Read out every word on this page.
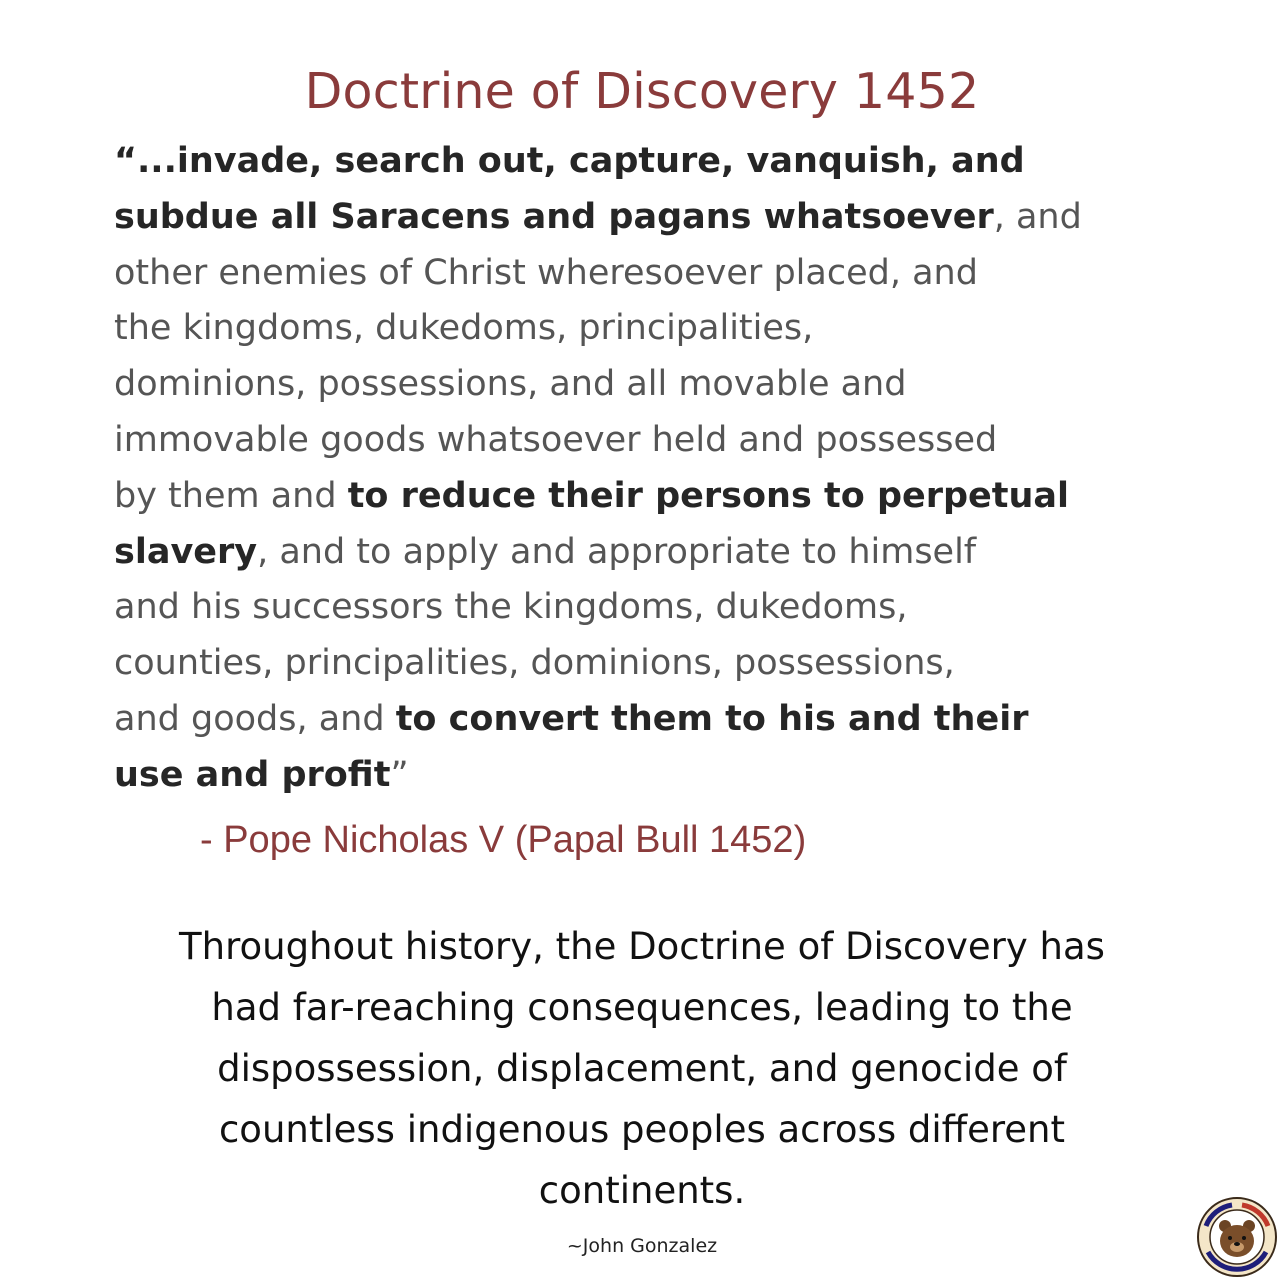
Doctrine of Discovery 1452
“...invade, search out, capture, vanquish, and
subdue all Saracens and pagans whatsoever, and
other enemies of Christ wheresoever placed, and
the kingdoms, dukedoms, principalities,
dominions, possessions, and all movable and
immovable goods whatsoever held and possessed
by them and to reduce their persons to perpetual
slavery, and to apply and appropriate to himself
and his successors the kingdoms, dukedoms,
counties, principalities, dominions, possessions,
and goods, and to convert them to his and their
use and profit”
- Pope Nicholas V (Papal Bull 1452)
Throughout history, the Doctrine of Discovery has
had far-reaching consequences, leading to the
dispossession, displacement, and genocide of
countless indigenous peoples across different
continents.
~John Gonzalez
